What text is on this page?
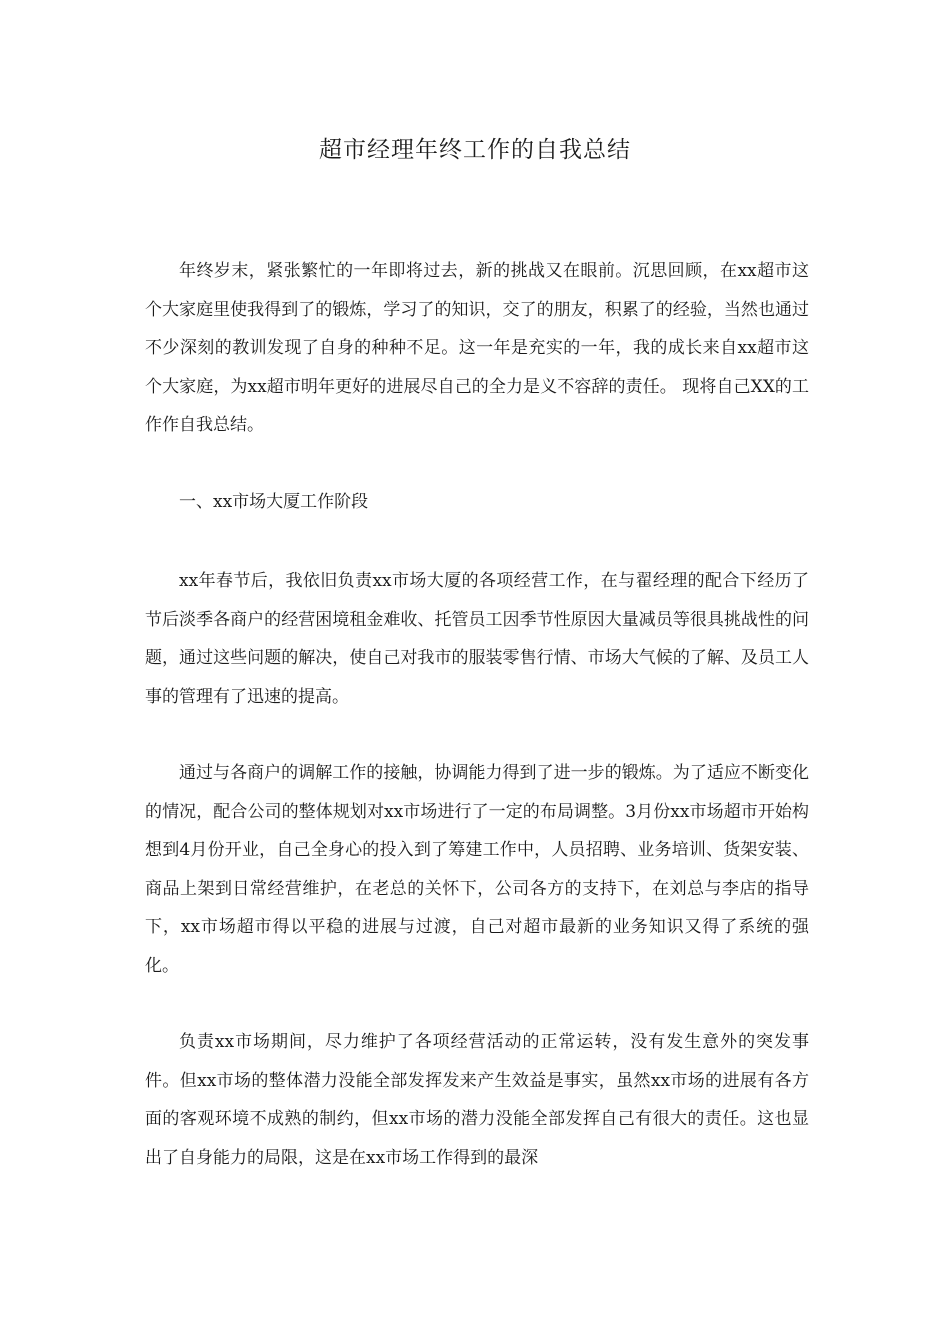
超市经理年终工作的自我总结

年终岁末，紧张繁忙的一年即将过去，新的挑战又在眼前。沉思回顾，在xx超市这个大家庭里使我得到了的锻炼，学习了的知识，交了的朋友，积累了的经验，当然也通过不少深刻的教训发现了自身的种种不足。这一年是充实的一年，我的成长来自xx超市这个大家庭，为xx超市明年更好的进展尽自己的全力是义不容辞的责任。 现将自己XX的工作作自我总结。

一、xx市场大厦工作阶段

xx年春节后，我依旧负责xx市场大厦的各项经营工作，在与翟经理的配合下经历了节后淡季各商户的经营困境租金难收、托管员工因季节性原因大量减员等很具挑战性的问题，通过这些问题的解决，使自己对我市的服装零售行情、市场大气候的了解、及员工人事的管理有了迅速的提高。

通过与各商户的调解工作的接触，协调能力得到了进一步的锻炼。为了适应不断变化的情况，配合公司的整体规划对xx市场进行了一定的布局调整。3月份xx市场超市开始构想到4月份开业，自己全身心的投入到了筹建工作中，人员招聘、业务培训、货架安装、商品上架到日常经营维护，在老总的关怀下，公司各方的支持下，在刘总与李店的指导下，xx市场超市得以平稳的进展与过渡，自己对超市最新的业务知识又得了系统的强化。

负责xx市场期间，尽力维护了各项经营活动的正常运转，没有发生意外的突发事件。但xx市场的整体潜力没能全部发挥发来产生效益是事实，虽然xx市场的进展有各方面的客观环境不成熟的制约，但xx市场的潜力没能全部发挥自己有很大的责任。这也显出了自身能力的局限，这是在xx市场工作得到的最深
